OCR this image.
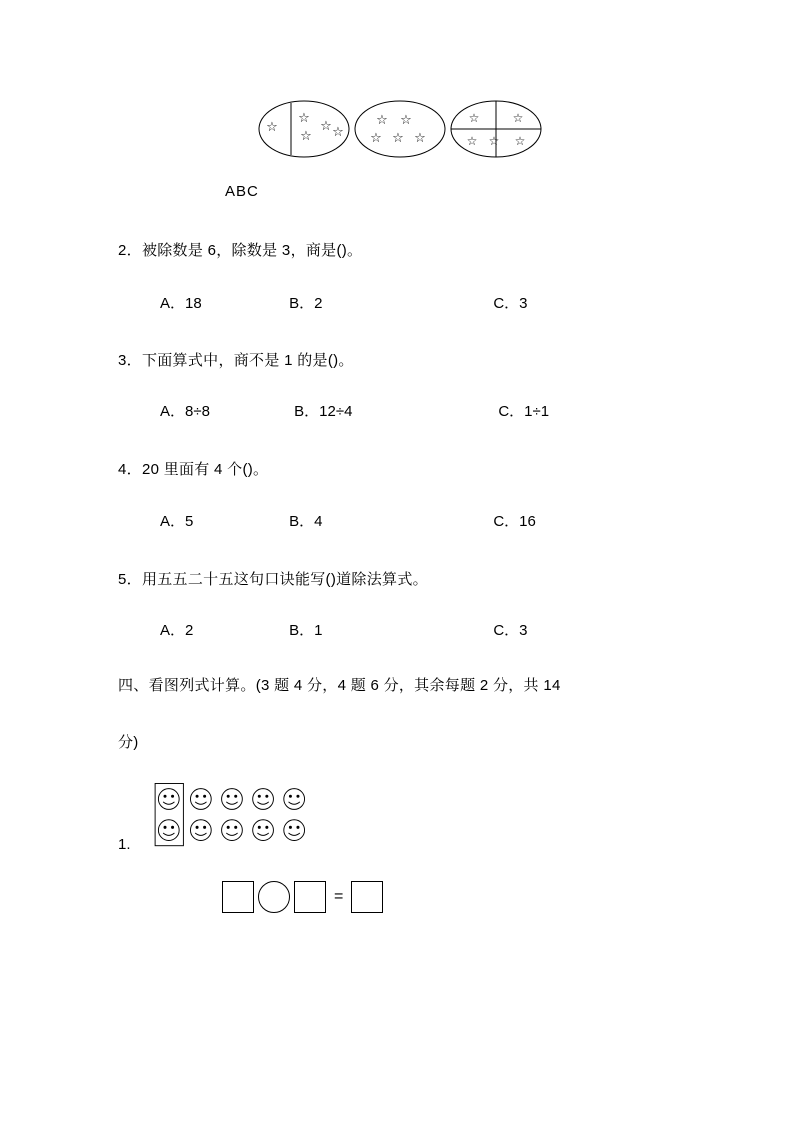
☆
☆
☆
☆ ☆
☆ ☆
☆ ☆ ☆
☆	☆
☆ ☆ ☆
ABC
2．被除数是 6，除数是 3，商是()。
A．18	B．2	C．3
3．下面算式中，商不是 1 的是()。
A．8÷8	B．12÷4	C．1÷1
4．20 里面有 4 个()。
A．5	B．4	C．16
5．用五五二十五这句口诀能写()道除法算式。
A．2	B．1	C．3
四、看图列式计算。(3 题 4 分，4 题 6 分，其余每题 2 分，共 14
分)
1.
=
